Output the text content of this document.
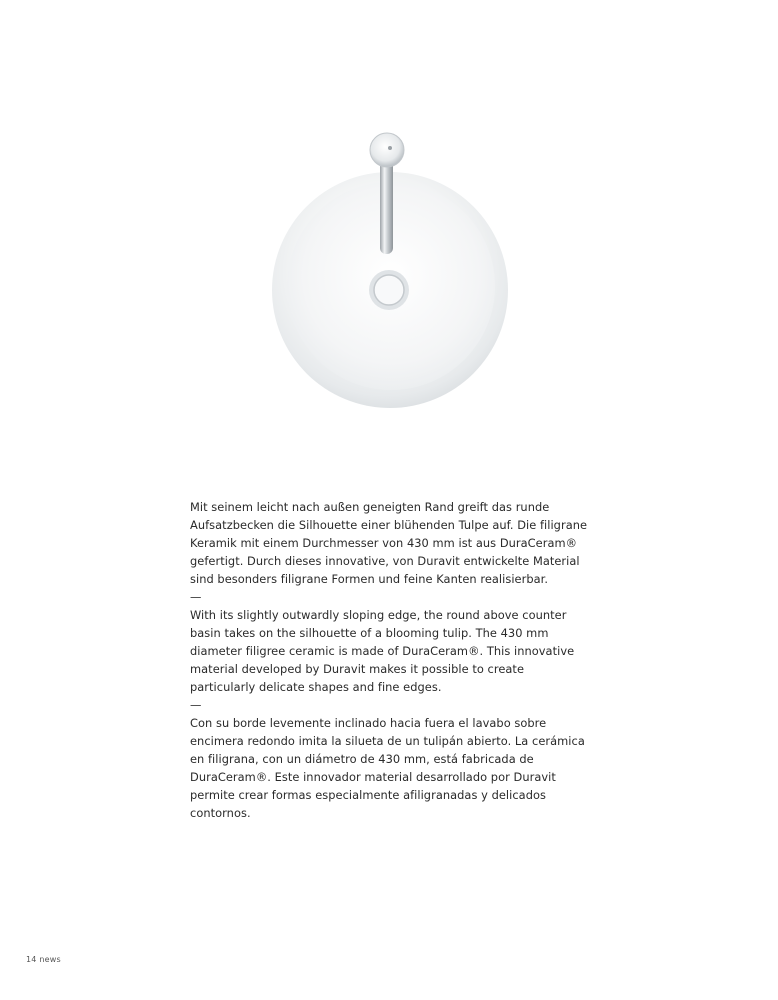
Mit seinem leicht nach außen geneigten Rand greift das runde Aufsatzbecken die Silhouette einer blühenden Tulpe auf. Die filigrane Keramik mit einem Durchmesser von 430 mm ist aus DuraCeram® gefertigt. Durch dieses innovative, von Duravit entwickelte Material sind besonders filigrane Formen und feine Kanten realisierbar.

—

With its slightly outwardly sloping edge, the round above counter basin takes on the silhouette of a blooming tulip. The 430 mm diameter filigree ceramic is made of DuraCeram®. This innovative material developed by Duravit makes it possible to create particularly delicate shapes and fine edges.

—

Con su borde levemente inclinado hacia fuera el lavabo sobre encimera redondo imita la silueta de un tulipán abierto. La cerámica en filigrana, con un diámetro de 430 mm, está fabricada de DuraCeram®. Este innovador material desarrollado por Duravit permite crear formas especialmente afiligranadas y delicados contornos.

14 news
